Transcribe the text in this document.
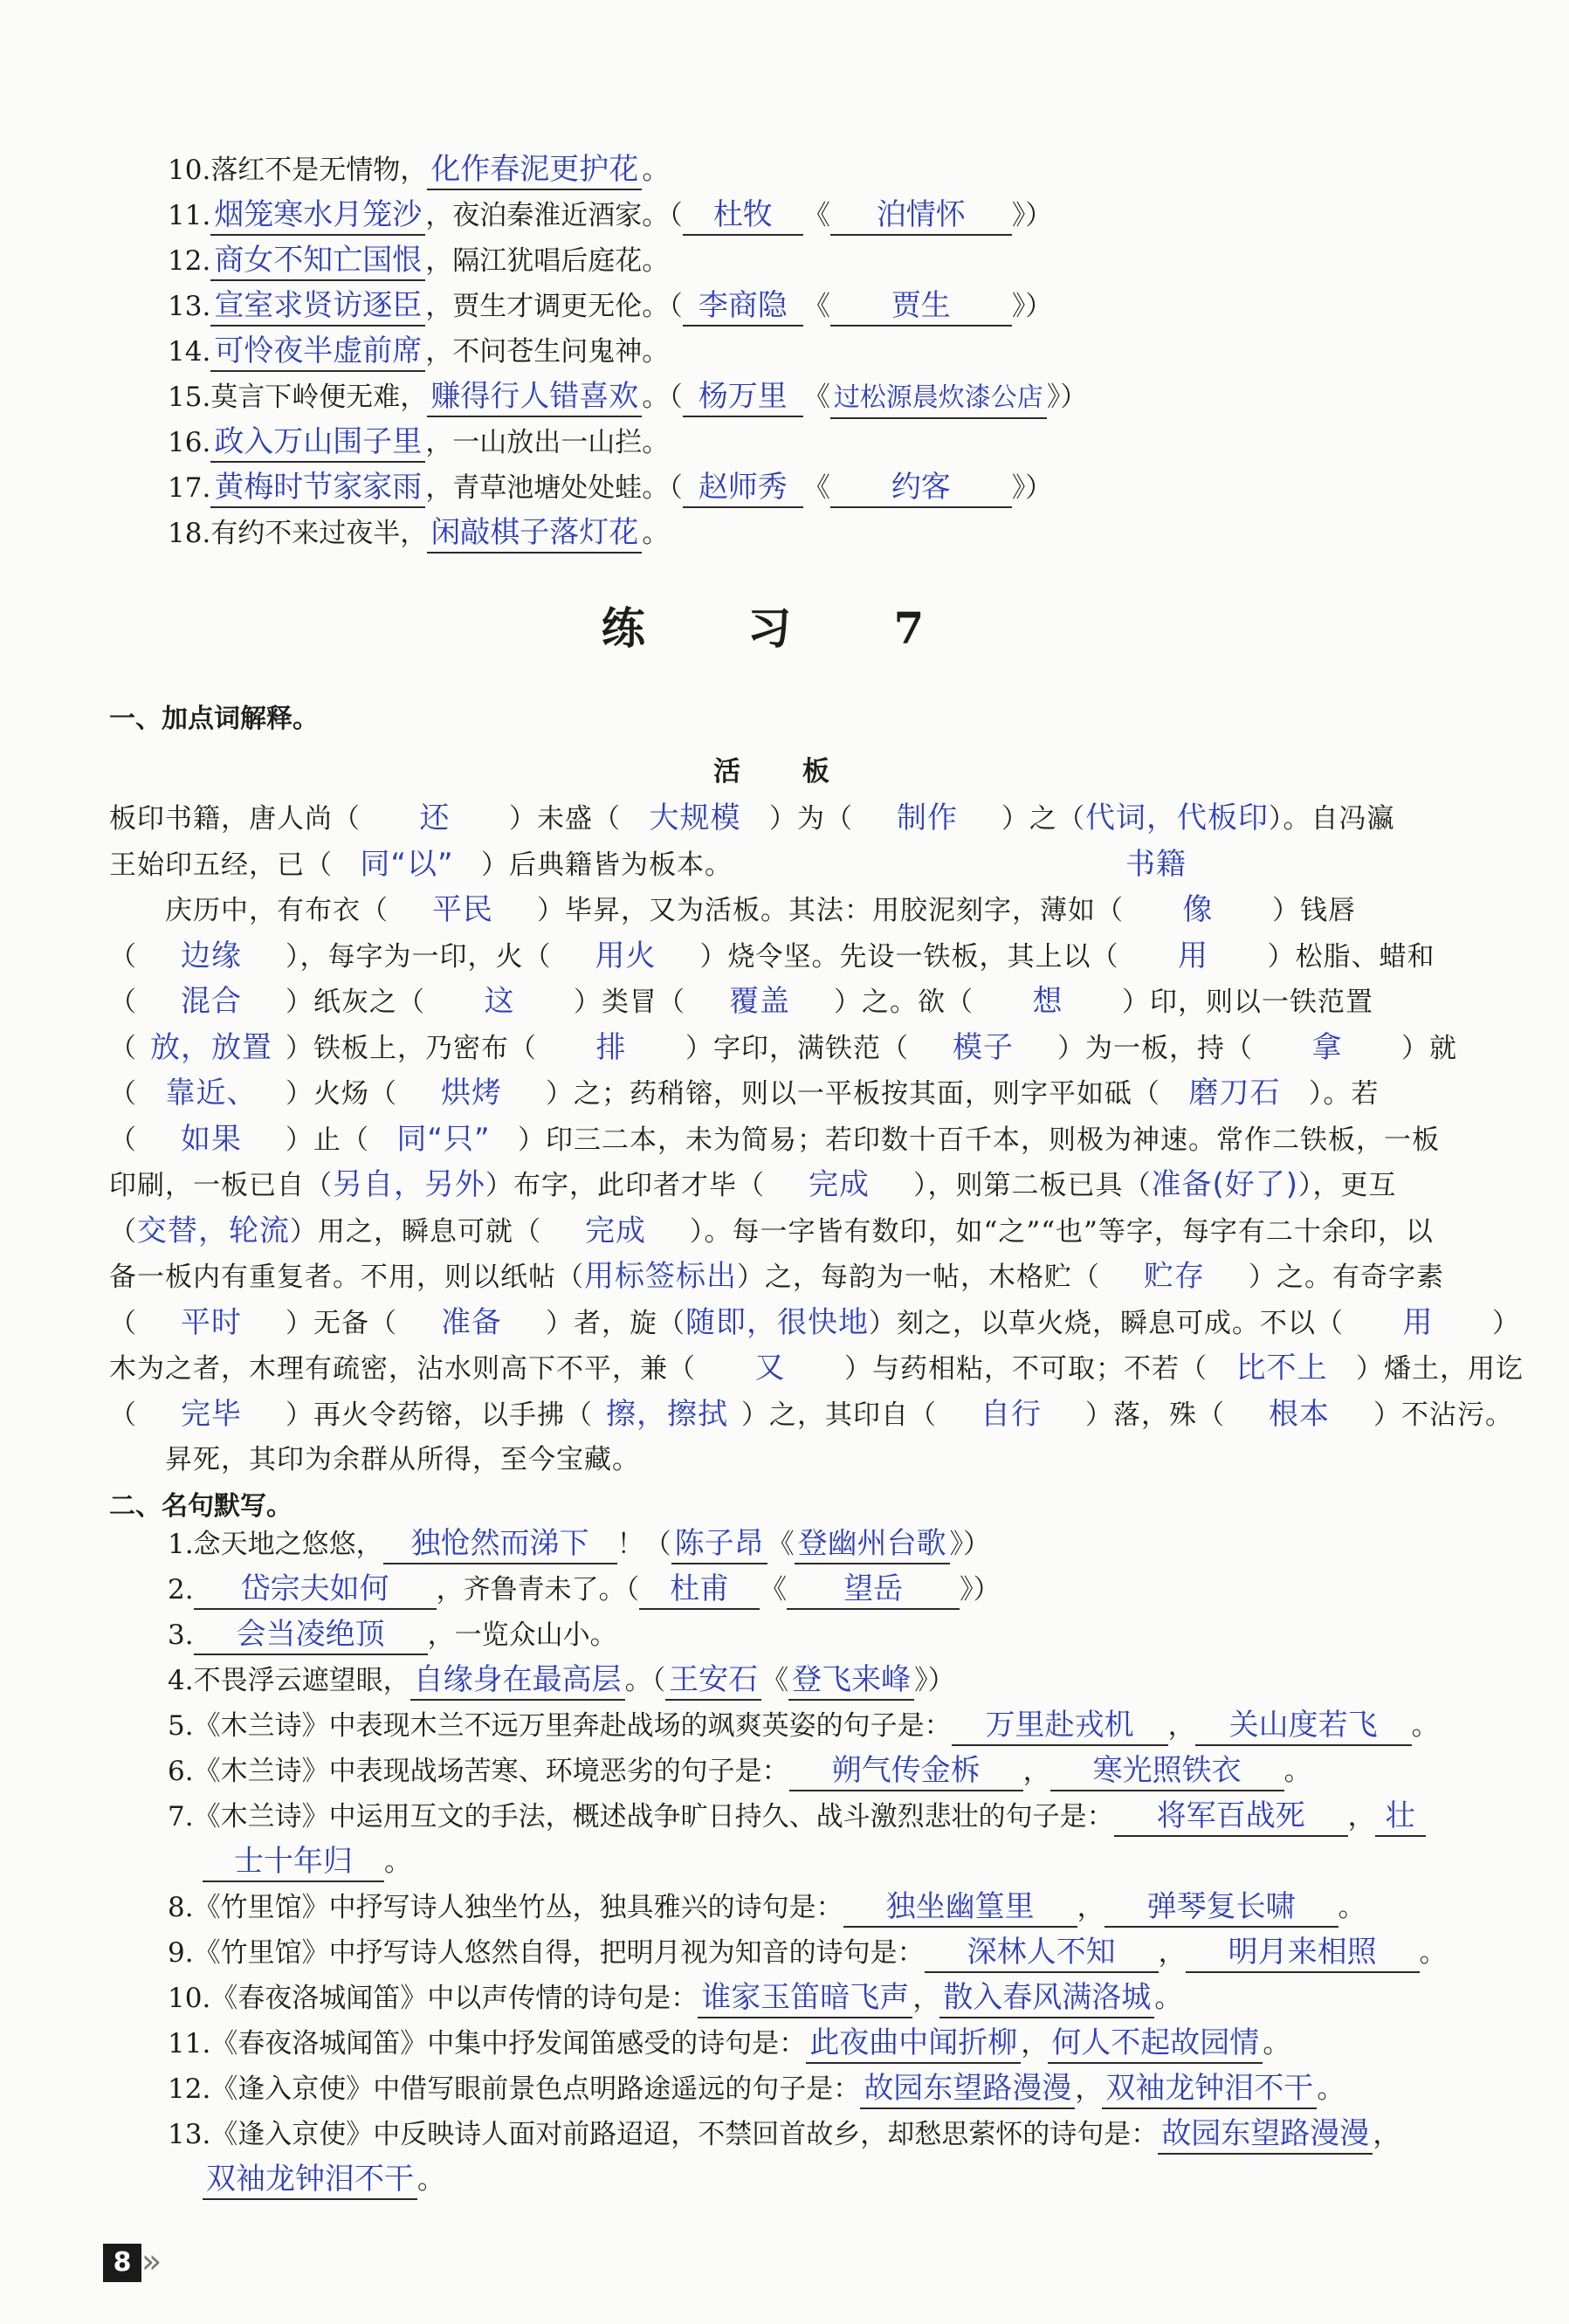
10.落红不是无情物， 化作春泥更护花 。
11. 烟笼寒水月笼沙 ，夜泊秦淮近酒家。（ 杜牧 《 泊情怀 》）
12. 商女不知亡国恨 ，隔江犹唱后庭花。
13. 宣室求贤访逐臣 ，贾生才调更无伦。（ 李商隐 《 贾生 》）
14. 可怜夜半虚前席 ，不问苍生问鬼神。
15.莫言下岭便无难， 赚得行人错喜欢 。（ 杨万里 《 过松源晨炊漆公店 》）
16. 政入万山围子里 ，一山放出一山拦。
17. 黄梅时节家家雨 ，青草池塘处处蛙。（ 赵师秀 《 约客 》）
18.有约不来过夜半， 闲敲棋子落灯花 。
练 习 7
一、加点词解释。
活 板

板印书籍，唐人尚（ 还 ）未盛（ 大规模 ）为（ 制作 ）之（代词，代板印）。自冯瀛

王始印五经，已（ 同“以” ）后典籍皆为板本。	书籍

　　庆历中，有布衣（ 平民 ）毕昇，又为活板。其法：用胶泥刻字，薄如（ 像 ）钱唇

（ 边缘 ），每字为一印，火（ 用火 ）烧令坚。先设一铁板，其上以（ 用 ）松脂、蜡和

（ 混合 ）纸灰之（ 这 ）类冒（ 覆盖 ）之。欲（ 想 ）印，则以一铁范置

（ 放，放置 ）铁板上，乃密布（ 排 ）字印，满铁范（ 模子 ）为一板，持（ 拿 ）就

（ 靠近、 ）火炀（ 烘烤 ）之；药稍镕，则以一平板按其面，则字平如砥（ 磨刀石 ）。若

（ 如果 ）止（ 同“只” ）印三二本，未为简易；若印数十百千本，则极为神速。常作二铁板，一板

印刷，一板已自（另自，另外）布字，此印者才毕（ 完成 ），则第二板已具（准备(好了)），更互

（交替，轮流）用之，瞬息可就（ 完成 ）。每一字皆有数印，如“之”“也”等字，每字有二十余印，以

备一板内有重复者。不用，则以纸帖（用标签标出）之，每韵为一帖，木格贮（ 贮存 ）之。有奇字素

（ 平时 ）无备（ 准备 ）者，旋（随即，很快地）刻之，以草火烧，瞬息可成。不以（ 用 ）

木为之者，木理有疏密，沾水则高下不平，兼（ 又 ）与药相粘，不可取；不若（ 比不上 ）燔土，用讫

（ 完毕 ）再火令药镕，以手拂（ 擦，擦拭 ）之，其印自（ 自行 ）落，殊（ 根本 ）不沾污。

　　昇死，其印为余群从所得，至今宝藏。

二、名句默写。
1.念天地之悠悠， 独怆然而涕下 ！（ 陈子昂 《 登幽州台歌 》）
2. 岱宗夫如何 ，齐鲁青未了。（ 杜甫 《 望岳 》）
3. 会当凌绝顶 ，一览众山小。
4.不畏浮云遮望眼， 自缘身在最高层 。（ 王安石 《 登飞来峰 》）
5.《木兰诗》中表现木兰不远万里奔赴战场的飒爽英姿的句子是： 万里赴戎机 ， 关山度若飞 。
6.《木兰诗》中表现战场苦寒、环境恶劣的句子是： 朔气传金柝 ， 寒光照铁衣 。
7.《木兰诗》中运用互文的手法，概述战争旷日持久、战斗激烈悲壮的句子是： 将军百战死 ， 壮
士十年归 。
8.《竹里馆》中抒写诗人独坐竹丛，独具雅兴的诗句是： 独坐幽篁里 ， 弹琴复长啸 。
9.《竹里馆》中抒写诗人悠然自得，把明月视为知音的诗句是： 深林人不知 ， 明月来相照 。
10.《春夜洛城闻笛》中以声传情的诗句是： 谁家玉笛暗飞声 ， 散入春风满洛城 。
11.《春夜洛城闻笛》中集中抒发闻笛感受的诗句是： 此夜曲中闻折柳 ， 何人不起故园情 。
12.《逢入京使》中借写眼前景色点明路途遥远的句子是： 故园东望路漫漫 ， 双袖龙钟泪不干 。
13.《逢入京使》中反映诗人面对前路迢迢，不禁回首故乡，却愁思萦怀的诗句是： 故园东望路漫漫 ，
双袖龙钟泪不干 。
8 »
